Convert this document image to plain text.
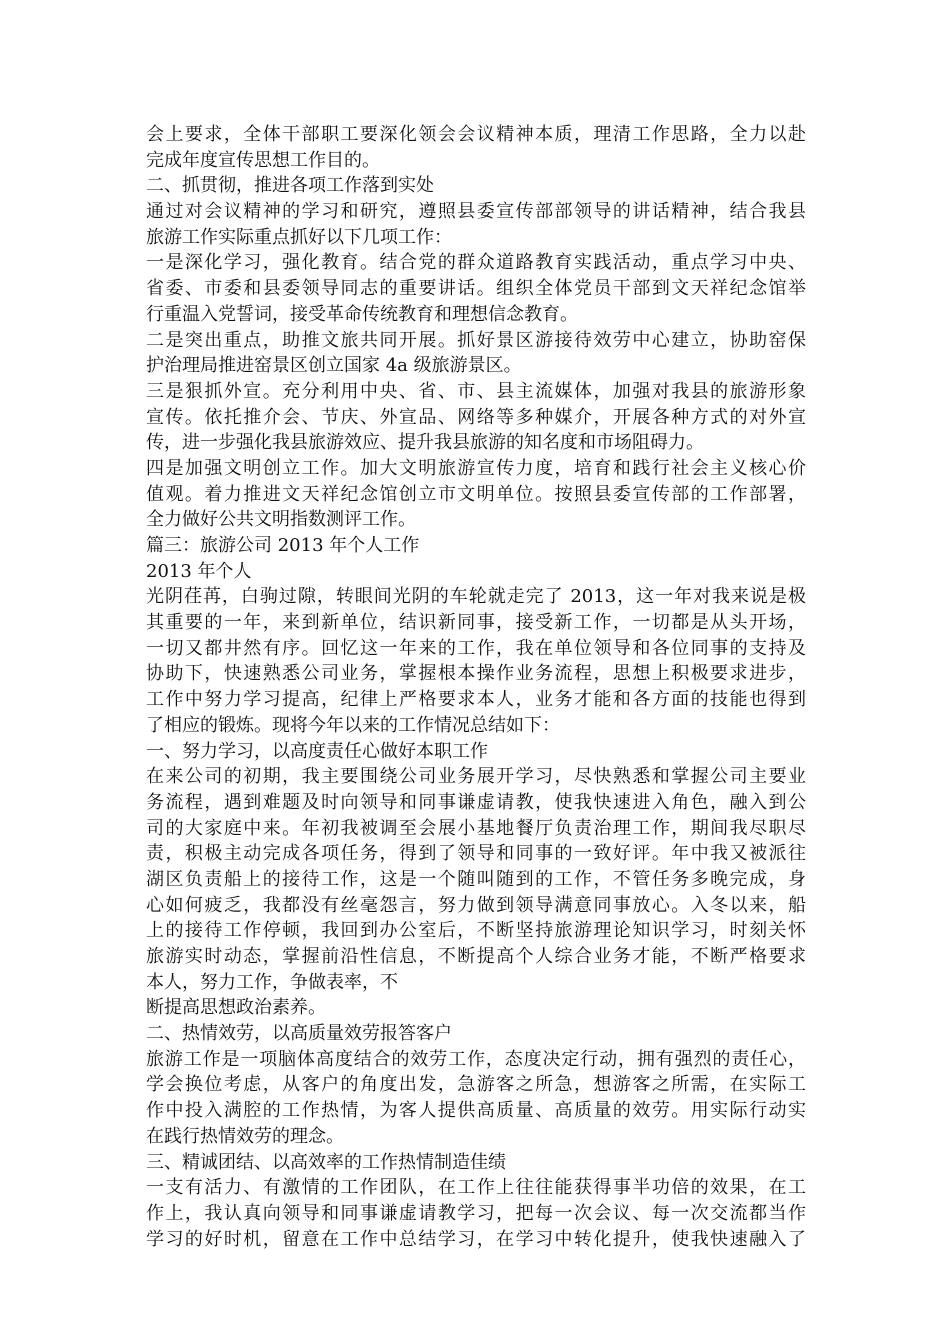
会上要求，全体干部职工要深化领会会议精神本质，理清工作思路，全力以赴
完成年度宣传思想工作目的。
二、抓贯彻，推进各项工作落到实处
通过对会议精神的学习和研究，遵照县委宣传部部领导的讲话精神，结合我县
旅游工作实际重点抓好以下几项工作：
一是深化学习，强化教育。结合党的群众道路教育实践活动，重点学习中央、
省委、市委和县委领导同志的重要讲话。组织全体党员干部到文天祥纪念馆举
行重温入党誓词，接受革命传统教育和理想信念教育。
二是突出重点，助推文旅共同开展。抓好景区游接待效劳中心建立，协助窑保
护治理局推进窑景区创立国家 4a 级旅游景区。
三是狠抓外宣。充分利用中央、省、市、县主流媒体，加强对我县的旅游形象
宣传。依托推介会、节庆、外宣品、网络等多种媒介，开展各种方式的对外宣
传，进一步强化我县旅游效应、提升我县旅游的知名度和市场阻碍力。
四是加强文明创立工作。加大文明旅游宣传力度，培育和践行社会主义核心价
值观。着力推进文天祥纪念馆创立市文明单位。按照县委宣传部的工作部署，
全力做好公共文明指数测评工作。
篇三：旅游公司 2013 年个人工作
2013 年个人
光阴荏苒，白驹过隙，转眼间光阴的车轮就走完了 2013，这一年对我来说是极
其重要的一年，来到新单位，结识新同事，接受新工作，一切都是从头开场，
一切又都井然有序。回忆这一年来的工作，我在单位领导和各位同事的支持及
协助下，快速熟悉公司业务，掌握根本操作业务流程，思想上积极要求进步，
工作中努力学习提高，纪律上严格要求本人，业务才能和各方面的技能也得到
了相应的锻炼。现将今年以来的工作情况总结如下：
一、努力学习，以高度责任心做好本职工作
在来公司的初期，我主要围绕公司业务展开学习，尽快熟悉和掌握公司主要业
务流程，遇到难题及时向领导和同事谦虚请教，使我快速进入角色，融入到公
司的大家庭中来。年初我被调至会展小基地餐厅负责治理工作，期间我尽职尽
责，积极主动完成各项任务，得到了领导和同事的一致好评。年中我又被派往
湖区负责船上的接待工作，这是一个随叫随到的工作，不管任务多晚完成，身
心如何疲乏，我都没有丝毫怨言，努力做到领导满意同事放心。入冬以来，船
上的接待工作停顿，我回到办公室后，不断坚持旅游理论知识学习，时刻关怀
旅游实时动态，掌握前沿性信息，不断提高个人综合业务才能，不断严格要求
本人，努力工作，争做表率，不
断提高思想政治素养。
二、热情效劳，以高质量效劳报答客户
旅游工作是一项脑体高度结合的效劳工作，态度决定行动，拥有强烈的责任心，
学会换位考虑，从客户的角度出发，急游客之所急，想游客之所需，在实际工
作中投入满腔的工作热情，为客人提供高质量、高质量的效劳。用实际行动实
在践行热情效劳的理念。
三、精诚团结、以高效率的工作热情制造佳绩
一支有活力、有激情的工作团队，在工作上往往能获得事半功倍的效果，在工
作上，我认真向领导和同事谦虚请教学习，把每一次会议、每一次交流都当作
学习的好时机，留意在工作中总结学习，在学习中转化提升，使我快速融入了
